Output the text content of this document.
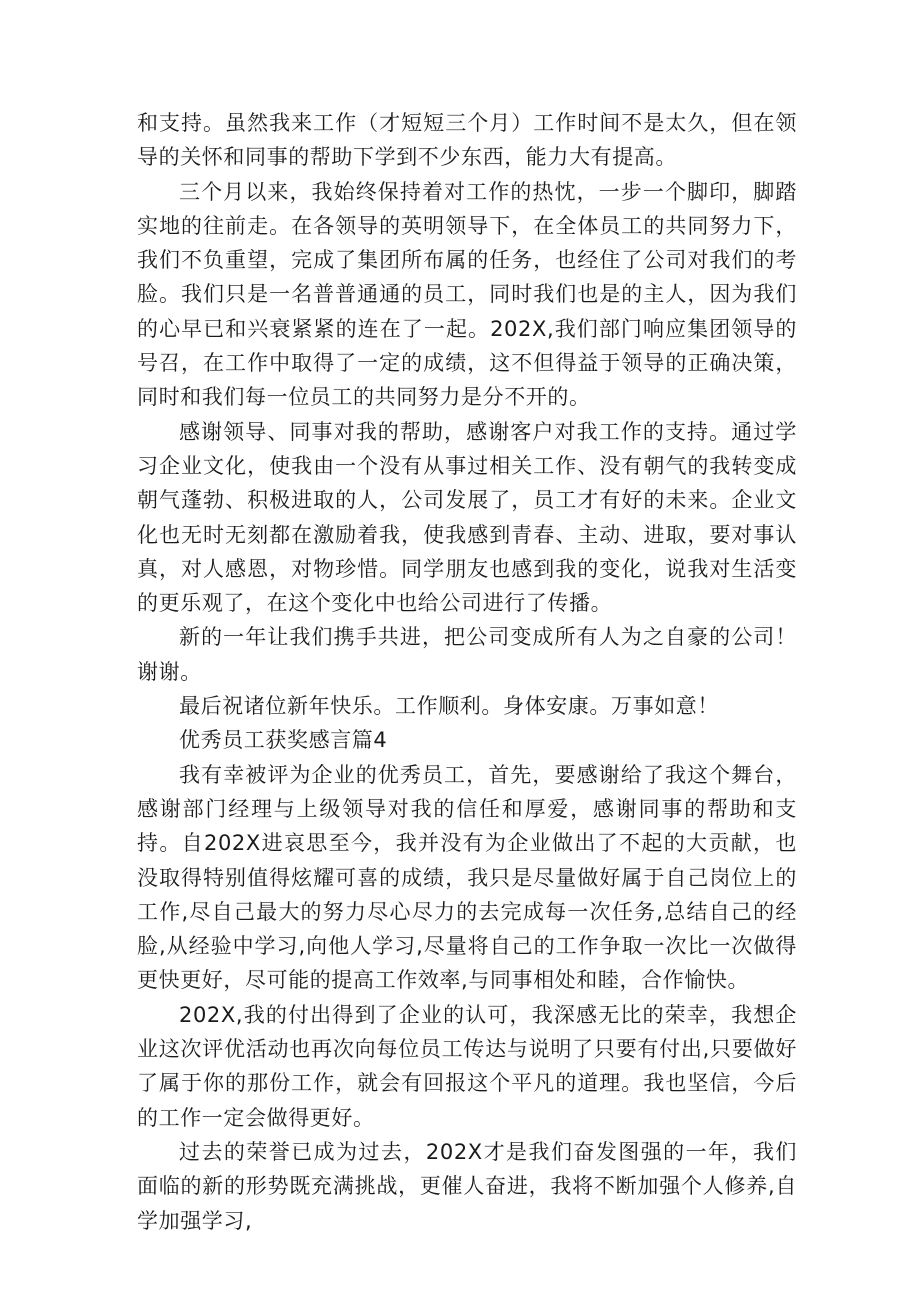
和支持。虽然我来工作（才短短三个月）工作时间不是太久，但在领导的关怀和同事的帮助下学到不少东西，能力大有提高。

三个月以来，我始终保持着对工作的热忱，一步一个脚印，脚踏实地的往前走。在各领导的英明领导下，在全体员工的共同努力下，我们不负重望，完成了集团所布属的任务，也经住了公司对我们的考脸。我们只是一名普普通通的员工，同时我们也是的主人，因为我们的心早已和兴衰紧紧的连在了一起。202X,我们部门响应集团领导的号召，在工作中取得了一定的成绩，这不但得益于领导的正确决策，同时和我们每一位员工的共同努力是分不开的。

感谢领导、同事对我的帮助，感谢客户对我工作的支持。通过学习企业文化，使我由一个没有从事过相关工作、没有朝气的我转变成朝气蓬勃、积极进取的人，公司发展了，员工才有好的未来。企业文化也无时无刻都在激励着我，使我感到青春、主动、进取，要对事认真，对人感恩，对物珍惜。同学朋友也感到我的变化，说我对生活变的更乐观了，在这个变化中也给公司进行了传播。

新的一年让我们携手共进，把公司变成所有人为之自豪的公司！谢谢。

最后祝诸位新年快乐。工作顺利。身体安康。万事如意！

优秀员工获奖感言篇4

我有幸被评为企业的优秀员工，首先，要感谢给了我这个舞台，感谢部门经理与上级领导对我的信任和厚爱，感谢同事的帮助和支持。自202X进哀思至今，我并没有为企业做出了不起的大贡献，也没取得特别值得炫耀可喜的成绩，我只是尽量做好属于自己岗位上的工作,尽自己最大的努力尽心尽力的去完成每一次任务,总结自己的经脸,从经验中学习,向他人学习,尽量将自己的工作争取一次比一次做得更快更好，尽可能的提高工作效率,与同事相处和睦，合作愉快。

202X,我的付出得到了企业的认可，我深感无比的荣幸，我想企业这次评优活动也再次向每位员工传达与说明了只要有付出,只要做好了属于你的那份工作，就会有回报这个平凡的道理。我也坚信，今后的工作一定会做得更好。

过去的荣誉已成为过去，202X才是我们奋发图强的一年，我们面临的新的形势既充满挑战，更催人奋进，我将不断加强个人修养,自学加强学习,
